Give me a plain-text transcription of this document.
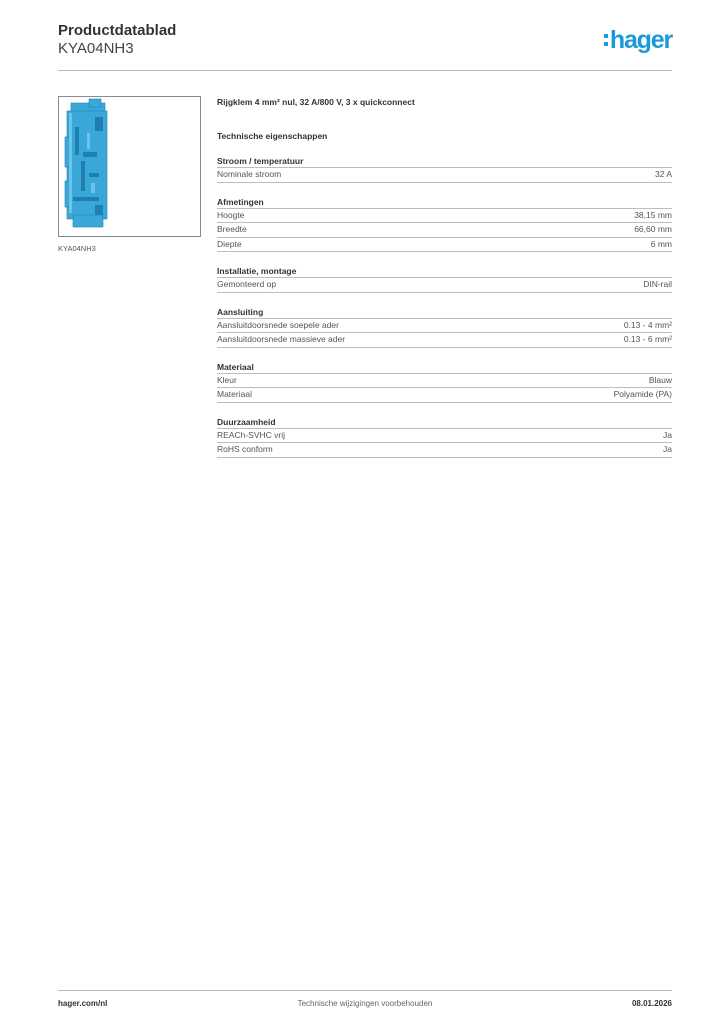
Productdatablad
KYA04NH3	hager
KYA04NH3
Rijgklem 4 mm² nul, 32 A/800 V, 3 x quickconnect
Technische eigenschappen
Stroom / temperatuur
Nominale stroom	32 A
Afmetingen
Hoogte	38,15 mm
Breedte	66,60 mm
Diepte	6 mm
Installatie, montage
Gemonteerd op	DIN-rail
Aansluiting
Aansluitdoorsnede soepele ader	0.13 - 4 mm²
Aansluitdoorsnede massieve ader	0.13 - 6 mm²
Materiaal
Kleur	Blauw
Materiaal	Polyamide (PA)
Duurzaamheid
REACh-SVHC vrij	Ja
RoHS conform	Ja
hager.com/nl	Technische wijzigingen voorbehouden	08.01.2026
